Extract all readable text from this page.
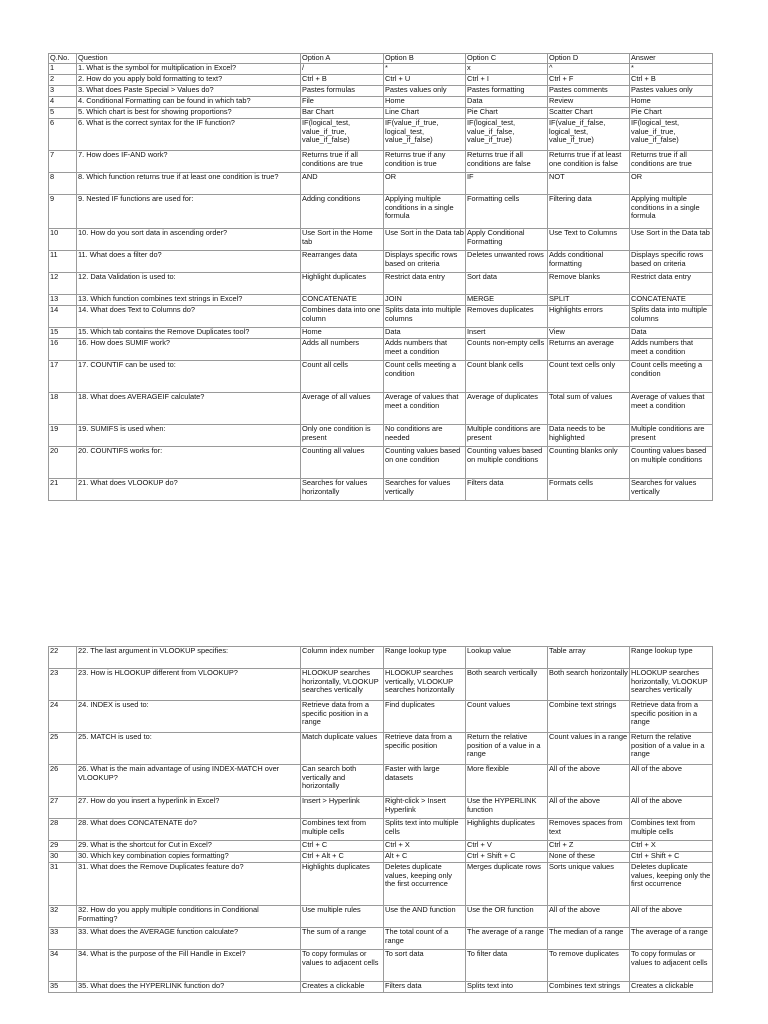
Q.No.	Question	Option A	Option B	Option C	Option D	Answer
1	1. What is the symbol for multiplication in Excel?	/	*	x	^	*
2	2. How do you apply bold formatting to text?	Ctrl + B	Ctrl + U	Ctrl + I	Ctrl + F	Ctrl + B
3	3. What does Paste Special > Values do?	Pastes formulas	Pastes values only	Pastes formatting	Pastes comments	Pastes values only
4	4. Conditional Formatting can be found in which tab?	File	Home	Data	Review	Home
5	5. Which chart is best for showing proportions?	Bar Chart	Line Chart	Pie Chart	Scatter Chart	Pie Chart
6	6. What is the correct syntax for the IF function?	IF(logical_test, value_if_true, value_if_false)	IF(value_if_true, logical_test, value_if_false)	IF(logical_test, value_if_false, value_if_true)	IF(value_if_false, logical_test, value_if_true)	IF(logical_test, value_if_true, value_if_false)
7	7. How does IF-AND work?	Returns true if all conditions are true	Returns true if any condition is true	Returns true if all conditions are false	Returns true if at least one condition is false	Returns true if all conditions are true
8	8. Which function returns true if at least one condition is true?	AND	OR	IF	NOT	OR
9	9. Nested IF functions are used for:	Adding conditions	Applying multiple conditions in a single formula	Formatting cells	Filtering data	Applying multiple conditions in a single formula
10	10. How do you sort data in ascending order?	Use Sort in the Home tab	Use Sort in the Data tab	Apply Conditional Formatting	Use Text to Columns	Use Sort in the Data tab
11	11. What does a filter do?	Rearranges data	Displays specific rows based on criteria	Deletes unwanted rows	Adds conditional formatting	Displays specific rows based on criteria
12	12. Data Validation is used to:	Highlight duplicates	Restrict data entry	Sort data	Remove blanks	Restrict data entry
13	13. Which function combines text strings in Excel?	CONCATENATE	JOIN	MERGE	SPLIT	CONCATENATE
14	14. What does Text to Columns do?	Combines data into one column	Splits data into multiple columns	Removes duplicates	Highlights errors	Splits data into multiple columns
15	15. Which tab contains the Remove Duplicates tool?	Home	Data	Insert	View	Data
16	16. How does SUMIF work?	Adds all numbers	Adds numbers that meet a condition	Counts non-empty cells	Returns an average	Adds numbers that meet a condition
17	17. COUNTIF can be used to:	Count all cells	Count cells meeting a condition	Count blank cells	Count text cells only	Count cells meeting a condition
18	18. What does AVERAGEIF calculate?	Average of all values	Average of values that meet a condition	Average of duplicates	Total sum of values	Average of values that meet a condition
19	19. SUMIFS is used when:	Only one condition is present	No conditions are needed	Multiple conditions are present	Data needs to be highlighted	Multiple conditions are present
20	20. COUNTIFS works for:	Counting all values	Counting values based on one condition	Counting values based on multiple conditions	Counting blanks only	Counting values based on multiple conditions
21	21. What does VLOOKUP do?	Searches for values horizontally	Searches for values vertically	Filters data	Formats cells	Searches for values vertically
22	22. The last argument in VLOOKUP specifies:	Column index number	Range lookup type	Lookup value	Table array	Range lookup type
23	23. How is HLOOKUP different from VLOOKUP?	HLOOKUP searches horizontally, VLOOKUP searches vertically	HLOOKUP searches vertically, VLOOKUP searches horizontally	Both search vertically	Both search horizontally	HLOOKUP searches horizontally, VLOOKUP searches vertically
24	24. INDEX is used to:	Retrieve data from a specific position in a range	Find duplicates	Count values	Combine text strings	Retrieve data from a specific position in a range
25	25. MATCH is used to:	Match duplicate values	Retrieve data from a specific position	Return the relative position of a value in a range	Count values in a range	Return the relative position of a value in a range
26	26. What is the main advantage of using INDEX-MATCH over VLOOKUP?	Can search both vertically and horizontally	Faster with large datasets	More flexible	All of the above	All of the above
27	27. How do you insert a hyperlink in Excel?	Insert > Hyperlink	Right-click > Insert Hyperlink	Use the HYPERLINK function	All of the above	All of the above
28	28. What does CONCATENATE do?	Combines text from multiple cells	Splits text into multiple cells	Highlights duplicates	Removes spaces from text	Combines text from multiple cells
29	29. What is the shortcut for Cut in Excel?	Ctrl + C	Ctrl + X	Ctrl + V	Ctrl + Z	Ctrl + X
30	30. Which key combination copies formatting?	Ctrl + Alt + C	Alt + C	Ctrl + Shift + C	None of these	Ctrl + Shift + C
31	31. What does the Remove Duplicates feature do?	Highlights duplicates	Deletes duplicate values, keeping only the first occurrence	Merges duplicate rows	Sorts unique values	Deletes duplicate values, keeping only the first occurrence
32	32. How do you apply multiple conditions in Conditional Formatting?	Use multiple rules	Use the AND function	Use the OR function	All of the above	All of the above
33	33. What does the AVERAGE function calculate?	The sum of a range	The total count of a range	The average of a range	The median of a range	The average of a range
34	34. What is the purpose of the Fill Handle in Excel?	To copy formulas or values to adjacent cells	To sort data	To filter data	To remove duplicates	To copy formulas or values to adjacent cells
35	35. What does the HYPERLINK function do?	Creates a clickable	Filters data	Splits text into	Combines text strings	Creates a clickable
